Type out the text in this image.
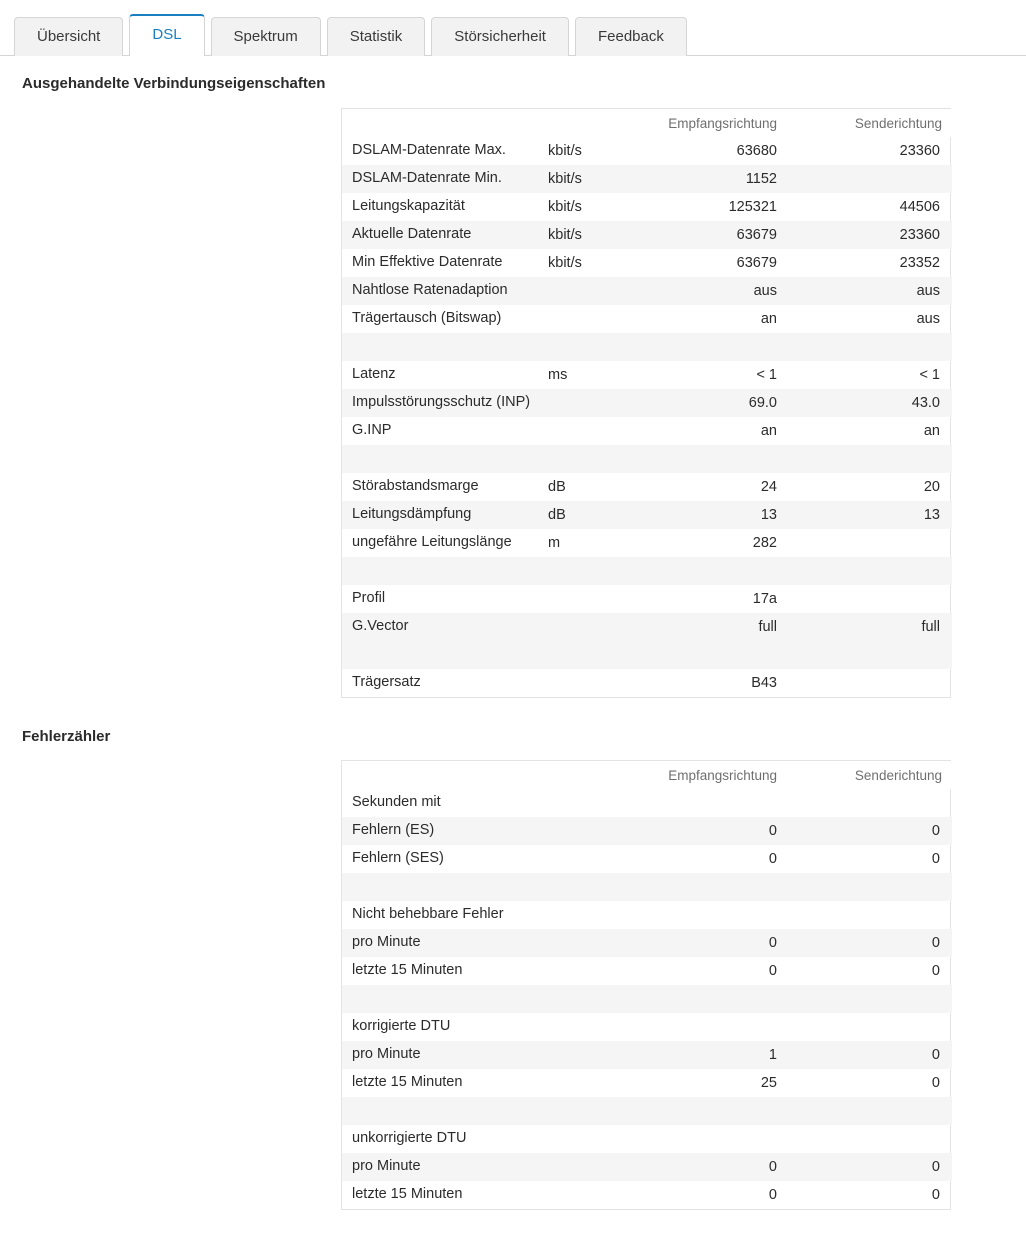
Übersicht	DSL	Spektrum	Statistik	Störsicherheit	Feedback
Ausgehandelte Verbindungseigenschaften
		Empfangsrichtung	Senderichtung
DSLAM-Datenrate Max.	kbit/s	63680	23360
DSLAM-Datenrate Min.	kbit/s	1152	
Leitungskapazität	kbit/s	125321	44506
Aktuelle Datenrate	kbit/s	63679	23360
Min Effektive Datenrate	kbit/s	63679	23352
Nahtlose Ratenadaption		aus	aus
Trägertausch (Bitswap)		an	aus

Latenz	ms	< 1	< 1
Impulsstörungsschutz (INP)		69.0	43.0
G.INP		an	an

Störabstandsmarge	dB	24	20
Leitungsdämpfung	dB	13	13
ungefähre Leitungslänge	m	282	

Profil		17a	
G.Vector		full	full

Trägersatz		B43	
Fehlerzähler
		Empfangsrichtung	Senderichtung
Sekunden mit			
Fehlern (ES)		0	0
Fehlern (SES)		0	0

Nicht behebbare Fehler			
pro Minute		0	0
letzte 15 Minuten		0	0

korrigierte DTU			
pro Minute		1	0
letzte 15 Minuten		25	0

unkorrigierte DTU			
pro Minute		0	0
letzte 15 Minuten		0	0
